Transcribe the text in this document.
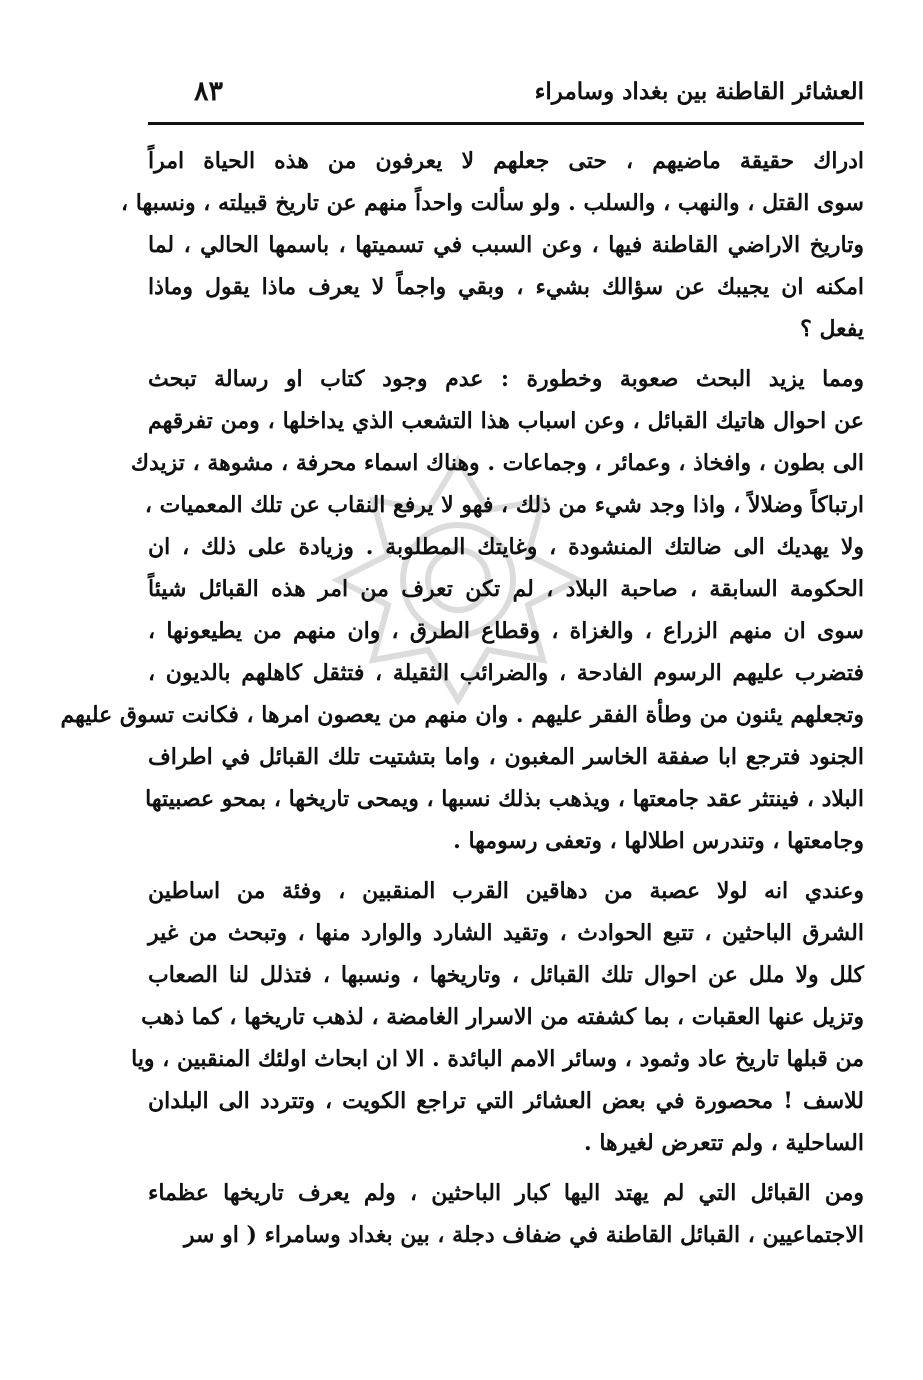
العشائر القاطنة بين بغداد وسامراء
٨٣

ادراك حقيقة ماضيهم ، حتى جعلهم لا يعرفون من هذه الحياة امراً
سوى القتل ، والنهب ، والسلب . ولو سألت واحداً منهم عن تاريخ قبيلته ، ونسبها ،
وتاريخ الاراضي القاطنة فيها ، وعن السبب في تسميتها ، باسمها الحالي ، لما
امكنه ان يجيبك عن سؤالك بشيء ، وبقي واجماً لا يعرف ماذا يقول وماذا
يفعل ؟

ومما يزيد البحث صعوبة وخطورة : عدم وجود كتاب او رسالة تبحث
عن احوال هاتيك القبائل ، وعن اسباب هذا التشعب الذي يداخلها ، ومن تفرقهم
الى بطون ، وافخاذ ، وعمائر ، وجماعات . وهناك اسماء محرفة ، مشوهة ، تزيدك
ارتباكاً وضلالاً ، واذا وجد شيء من ذلك ، فهو لا يرفع النقاب عن تلك المعميات ،
ولا يهديك الى ضالتك المنشودة ، وغايتك المطلوبة . وزيادة على ذلك ، ان
الحكومة السابقة ، صاحبة البلاد ، لم تكن تعرف من امر هذه القبائل شيئاً
سوى ان منهم الزراع ، والغزاة ، وقطاع الطرق ، وان منهم من يطيعونها ،
فتضرب عليهم الرسوم الفادحة ، والضرائب الثقيلة ، فتثقل كاهلهم بالديون ،
وتجعلهم يئنون من وطأة الفقر عليهم . وان منهم من يعصون امرها ، فكانت تسوق عليهم
الجنود فترجع ابا صفقة الخاسر المغبون ، واما بتشتيت تلك القبائل في اطراف
البلاد ، فينتثر عقد جامعتها ، ويذهب بذلك نسبها ، ويمحى تاريخها ، بمحو عصبيتها
وجامعتها ، وتندرس اطلالها ، وتعفى رسومها .

وعندي انه لولا عصبة من دهاقين القرب المنقبين ، وفئة من اساطين
الشرق الباحثين ، تتبع الحوادث ، وتقيد الشارد والوارد منها ، وتبحث من غير
كلل ولا ملل عن احوال تلك القبائل ، وتاريخها ، ونسبها ، فتذلل لنا الصعاب
وتزيل عنها العقبات ، بما كشفته من الاسرار الغامضة ، لذهب تاريخها ، كما ذهب
من قبلها تاريخ عاد وثمود ، وسائر الامم البائدة . الا ان ابحاث اولئك المنقبين ، ويا
للاسف ! محصورة في بعض العشائر التي تراجع الكويت ، وتتردد الى البلدان
الساحلية ، ولم تتعرض لغيرها .

ومن القبائل التي لم يهتد اليها كبار الباحثين ، ولم يعرف تاريخها عظماء
الاجتماعيين ، القبائل القاطنة في ضفاف دجلة ، بين بغداد وسامراء ( او سر
